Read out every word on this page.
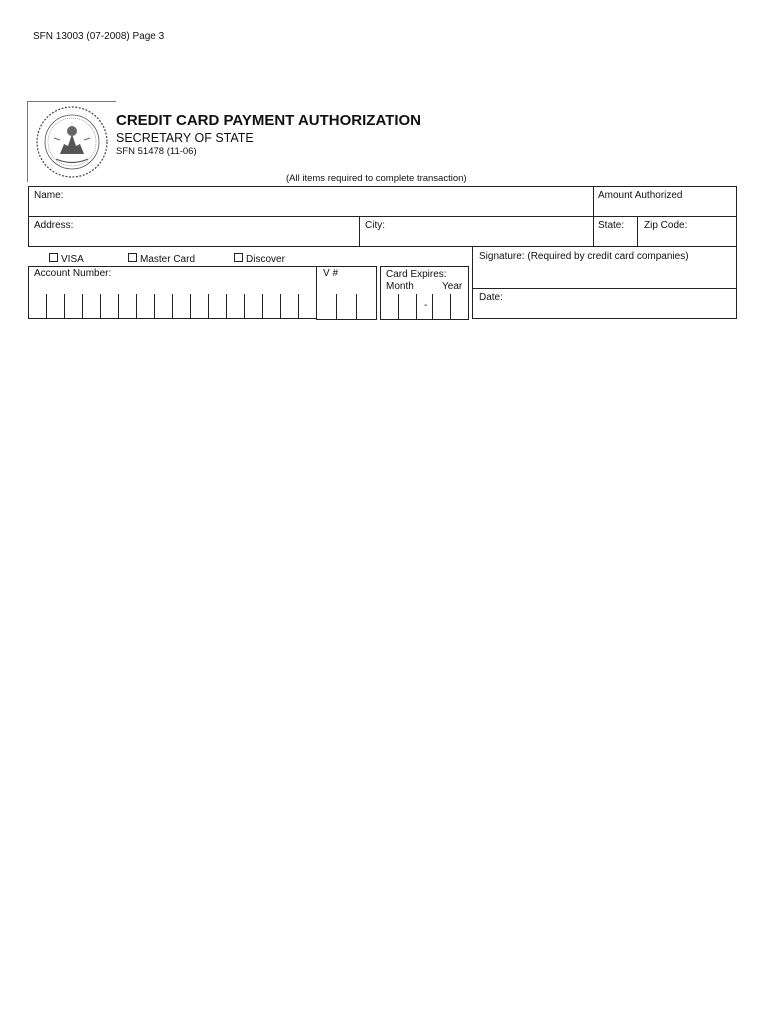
SFN 13003 (07-2008) Page 3
CREDIT CARD PAYMENT AUTHORIZATION
SECRETARY OF STATE
SFN 51478 (11-06)
(All items required to complete transaction)
Name:	Amount Authorized
Address:	City:	State: Zip Code:
VISA	Master Card	Discover
Account Number:	V #	Card Expires:
Month	Year
-
Signature: (Required by credit card companies)
Date:
